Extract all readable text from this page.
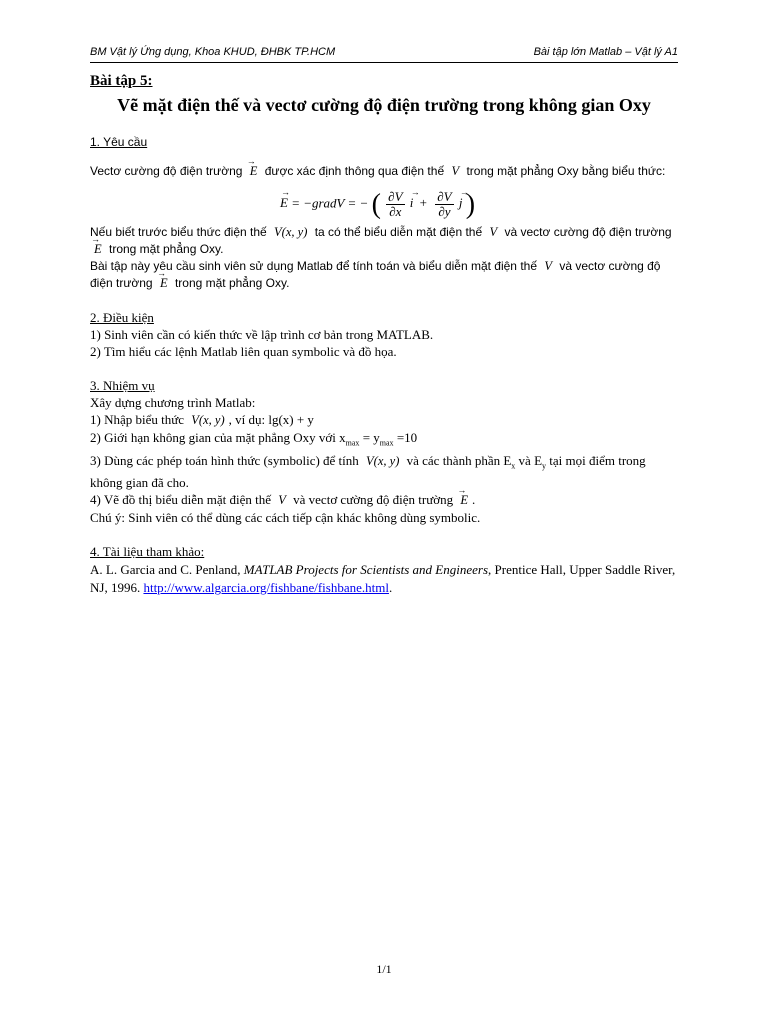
BM Vật lý Ứng dụng, Khoa KHUD, ĐHBK TP.HCM	Bài tập lớn Matlab – Vật lý A1
Bài tập 5:
Vẽ mặt điện thế và vectơ cường độ điện trường trong không gian Oxy
1. Yêu cầu
Vectơ cường độ điện trường → E được xác định thông qua điện thế V trong mặt phẳng Oxy bằng biểu thức:
→ E = −gradV = − ( $\frac{\partial V}{\partial x}$
→ $i + \frac{\partial V}{\partial y}$
→ j )
Nếu biết trước biểu thức điện thế V(x, y) ta có thể biểu diễn mặt điện thế V và vectơ cường độ điện trường → E trong mặt phẳng Oxy.
Bài tập này yêu cầu sinh viên sử dụng Matlab để tính toán và biểu diễn mặt điện thế V và vectơ cường độ điện trường → E trong mặt phẳng Oxy.
2. Điều kiện
1) Sinh viên cần có kiến thức về lập trình cơ bản trong MATLAB.
2) Tìm hiểu các lệnh Matlab liên quan symbolic và đồ họa.
3. Nhiệm vụ
Xây dựng chương trình Matlab:
1) Nhập biểu thức V(x, y) , ví dụ: lg(x) + y
2) Giới hạn không gian của mặt phẳng Oxy với $x_{max} = y_{max} =10$
3) Dùng các phép toán hình thức (symbolic) để tính V(x, y) và các thành phần $E_x$ và $E_y$ tại mọi điểm trong không gian đã cho.
4) Vẽ đồ thị biểu diễn mặt điện thế V và vectơ cường độ điện trường → E .
Chú ý: Sinh viên có thể dùng các cách tiếp cận khác không dùng symbolic.
4. Tài liệu tham khảo:
A. L. Garcia and C. Penland, MATLAB Projects for Scientists and Engineers, Prentice Hall, Upper Saddle River, NJ, 1996. http://www.algarcia.org/fishbane/fishbane.html.
1/1
